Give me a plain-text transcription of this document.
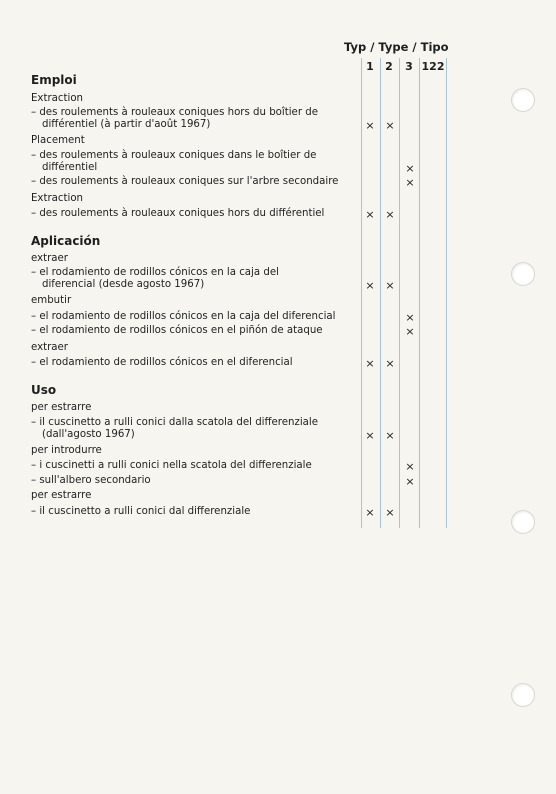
Typ / Type / Tipo
1 2 3 122
Emploi
Extraction
– des roulements à rouleaux coniques hors du boîtier de
différentiel (à partir d'août 1967)
Placement
– des roulements à rouleaux coniques dans le boîtier de
différentiel
– des roulements à rouleaux coniques sur l'arbre secondaire
Extraction
– des roulements à rouleaux coniques hors du différentiel
Aplicación
extraer
– el rodamiento de rodillos cónicos en la caja del
diferencial (desde agosto 1967)
embutir
– el rodamiento de rodillos cónicos en la caja del diferencial
– el rodamiento de rodillos cónicos en el piñón de ataque
extraer
– el rodamiento de rodillos cónicos en el diferencial
Uso
per estrarre
– il cuscinetto a rulli conici dalla scatola del differenziale
(dall'agosto 1967)
per introdurre
– i cuscinetti a rulli conici nella scatola del differenziale
– sull'albero secondario
per estrarre
– il cuscinetto a rulli conici dal differenziale
× ×
×
×
× ×
× ×
×
×
× ×
× ×
×
×
× ×
